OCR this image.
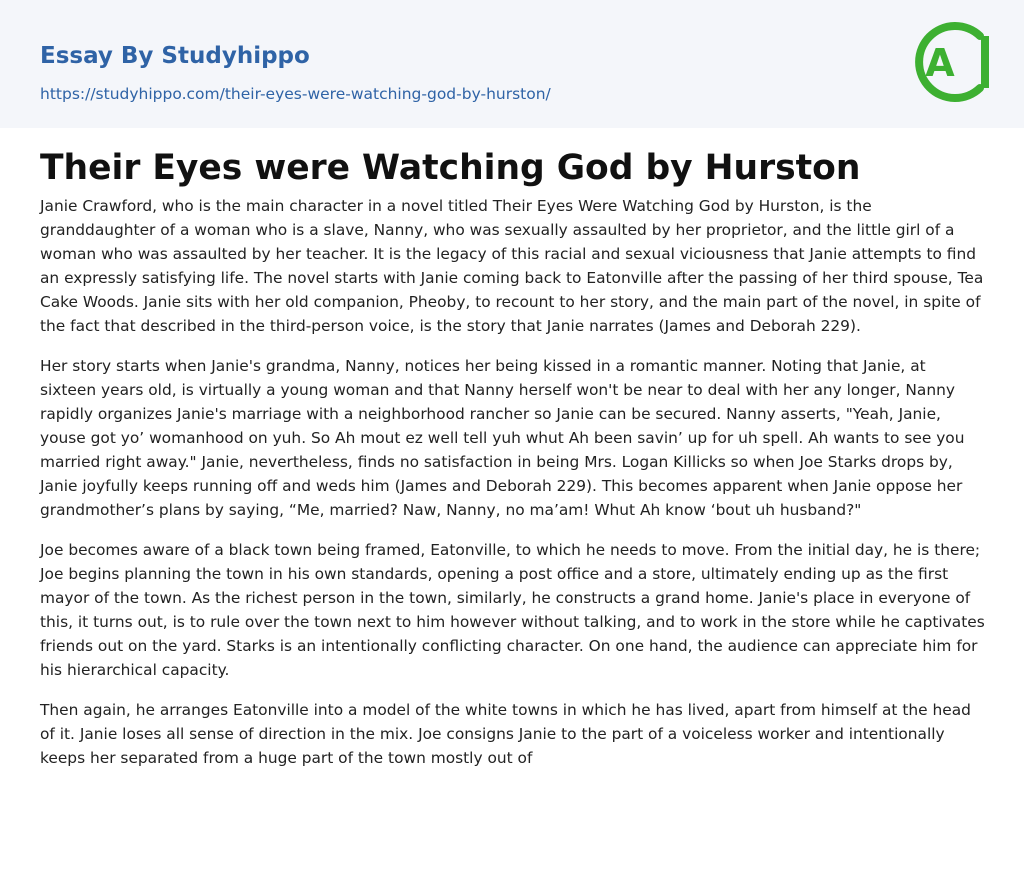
Essay By Studyhippo
https://studyhippo.com/their-eyes-were-watching-god-by-hurston/
A
Their Eyes were Watching God by Hurston

Janie Crawford, who is the main character in a novel titled Their Eyes Were Watching God by Hurston, is the granddaughter of a woman who is a slave, Nanny, who was sexually assaulted by her proprietor, and the little girl of a woman who was assaulted by her teacher. It is the legacy of this racial and sexual viciousness that Janie attempts to find an expressly satisfying life. The novel starts with Janie coming back to Eatonville after the passing of her third spouse, Tea Cake Woods. Janie sits with her old companion, Pheoby, to recount to her story, and the main part of the novel, in spite of the fact that described in the third-person voice, is the story that Janie narrates (James and Deborah 229).

Her story starts when Janie's grandma, Nanny, notices her being kissed in a romantic manner. Noting that Janie, at sixteen years old, is virtually a young woman and that Nanny herself won't be near to deal with her any longer, Nanny rapidly organizes Janie's marriage with a neighborhood rancher so Janie can be secured. Nanny asserts, "Yeah, Janie, youse got yo’ womanhood on yuh. So Ah mout ez well tell yuh whut Ah been savin’ up for uh spell. Ah wants to see you married right away." Janie, nevertheless, finds no satisfaction in being Mrs. Logan Killicks so when Joe Starks drops by, Janie joyfully keeps running off and weds him (James and Deborah 229). This becomes apparent when Janie oppose her grandmother’s plans by saying, “Me, married? Naw, Nanny, no ma’am! Whut Ah know ‘bout uh husband?"

Joe becomes aware of a black town being framed, Eatonville, to which he needs to move. From the initial day, he is there; Joe begins planning the town in his own standards, opening a post office and a store, ultimately ending up as the first mayor of the town. As the richest person in the town, similarly, he constructs a grand home. Janie's place in everyone of this, it turns out, is to rule over the town next to him however without talking, and to work in the store while he captivates friends out on the yard. Starks is an intentionally conflicting character. On one hand, the audience can appreciate him for his hierarchical capacity.

Then again, he arranges Eatonville into a model of the white towns in which he has lived, apart from himself at the head of it. Janie loses all sense of direction in the mix. Joe consigns Janie to the part of a voiceless worker and intentionally keeps her separated from a huge part of the town mostly out of
